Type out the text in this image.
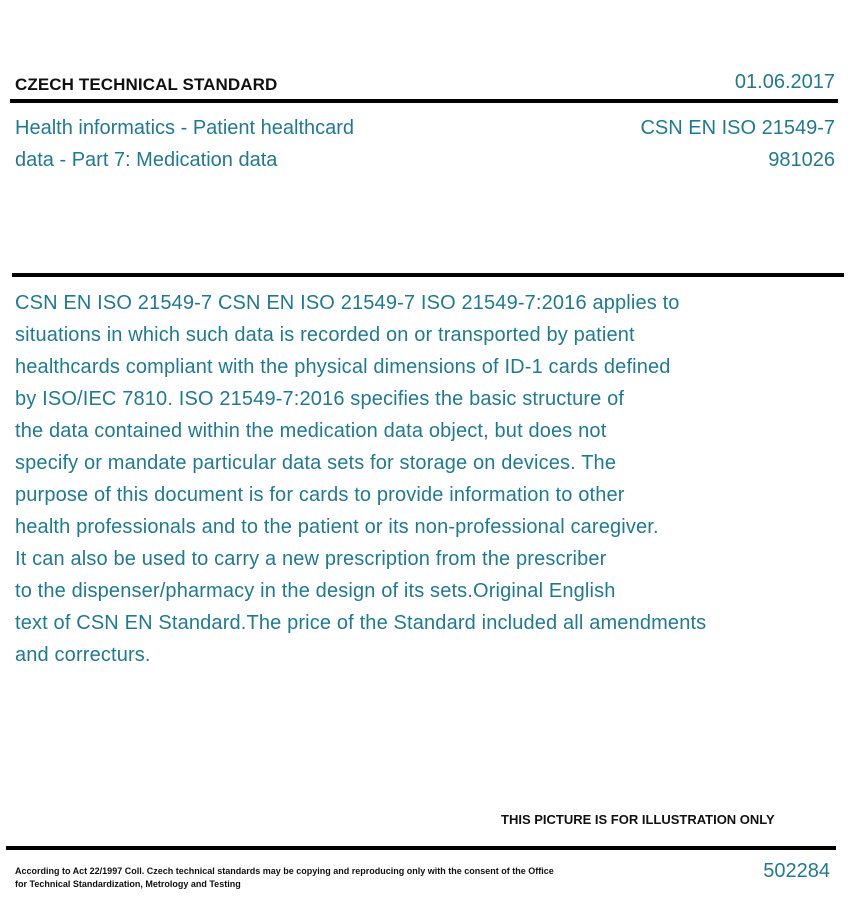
CZECH TECHNICAL STANDARD	01.06.2017
Health informatics - Patient healthcard
data - Part 7: Medication data
CSN EN ISO 21549-7
981026
CSN EN ISO 21549-7 CSN EN ISO 21549-7 ISO 21549-7:2016 applies to
situations in which such data is recorded on or transported by patient
healthcards compliant with the physical dimensions of ID-1 cards defined
by ISO/IEC 7810. ISO 21549-7:2016 specifies the basic structure of
the data contained within the medication data object, but does not
specify or mandate particular data sets for storage on devices. The
purpose of this document is for cards to provide information to other
health professionals and to the patient or its non-professional caregiver.
It can also be used to carry a new prescription from the prescriber
to the dispenser/pharmacy in the design of its sets.Original English
text of CSN EN Standard.The price of the Standard included all amendments
and correcturs.
THIS PICTURE IS FOR ILLUSTRATION ONLY
According to Act 22/1997 Coll. Czech technical standards may be copying and reproducing only with the consent of the Office
for Technical Standardization, Metrology and Testing
502284
